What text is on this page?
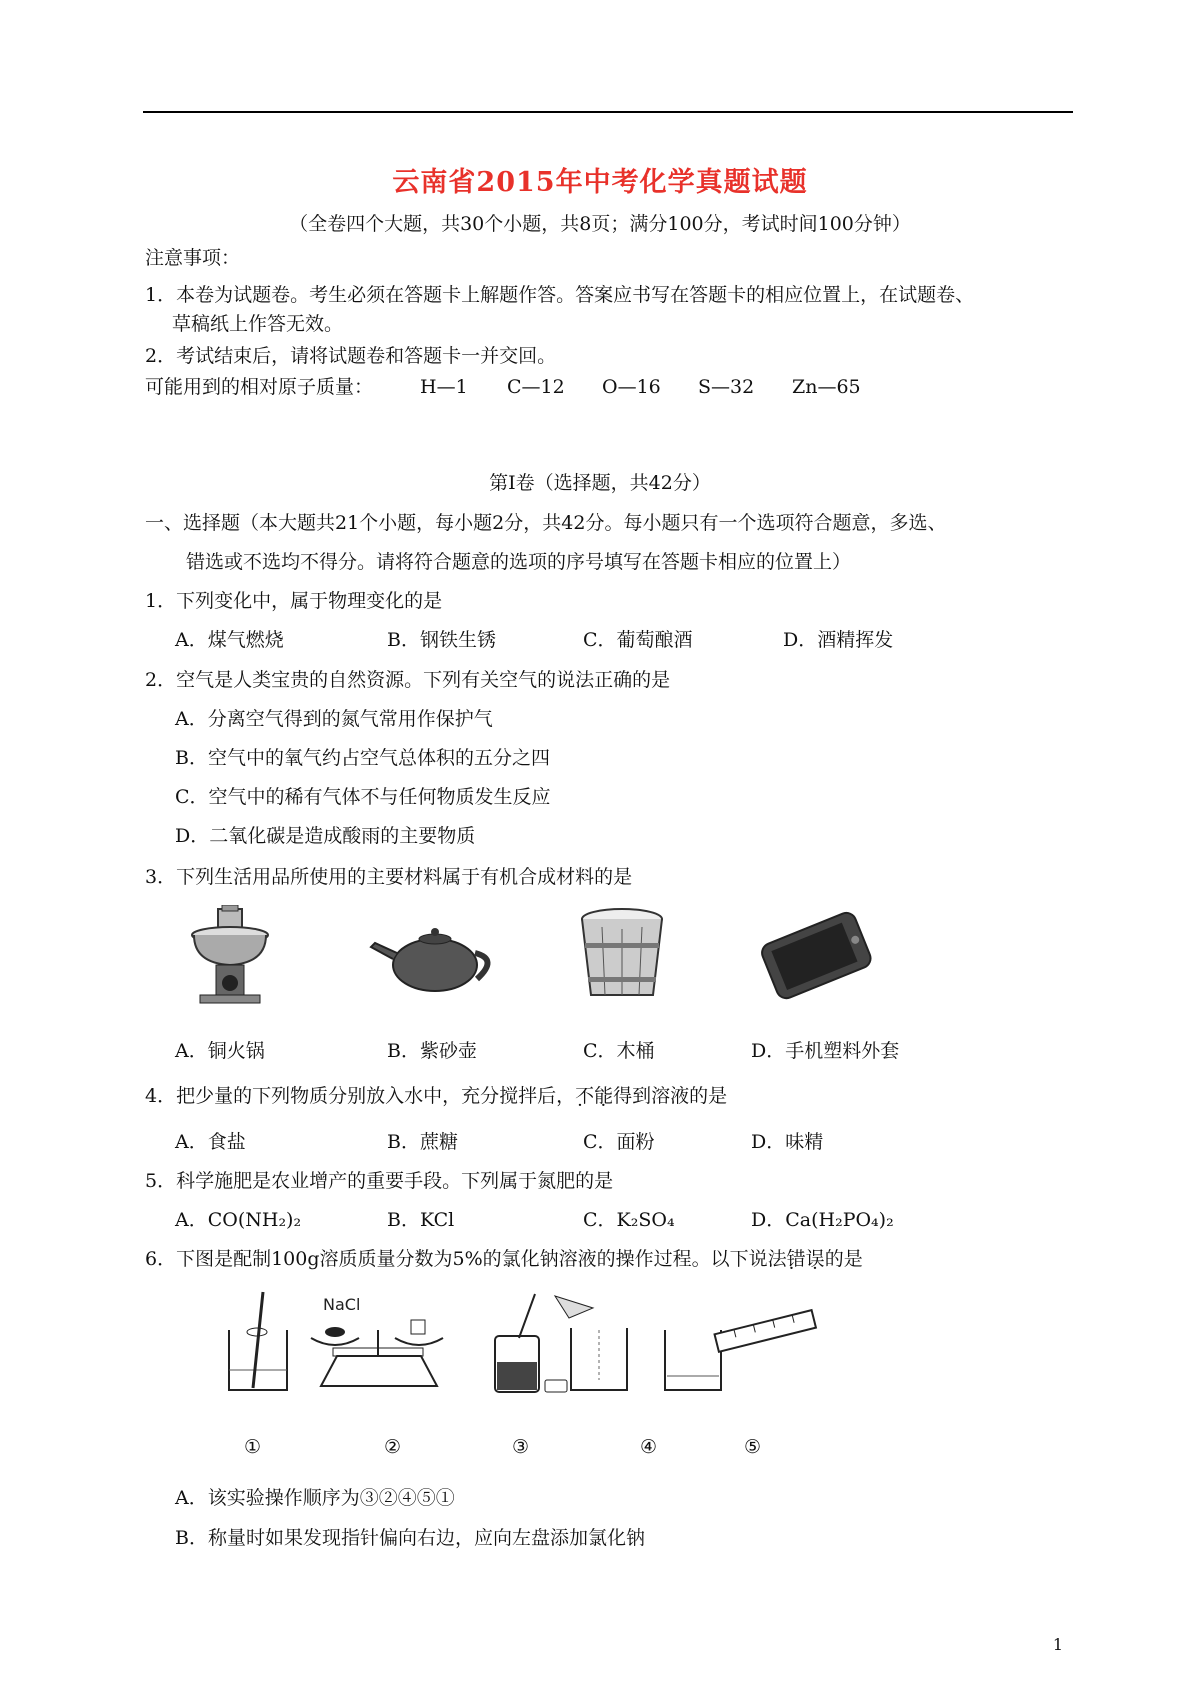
云南省2015年中考化学真题试题
（全卷四个大题，共30个小题，共8页；满分100分，考试时间100分钟）
注意事项：
1．本卷为试题卷。考生必须在答题卡上解题作答。答案应书写在答题卡的相应位置上，在试题卷、
草稿纸上作答无效。
2．考试结束后，请将试题卷和答题卡一并交回。
可能用到的相对原子质量： H—1 C—12 O—16 S—32 Zn—65
第Ⅰ卷（选择题，共42分）
一、选择题（本大题共21个小题，每小题2分，共42分。每小题只有一个选项符合题意，多选、
错选或不选均不得分。请将符合题意的选项的序号填写在答题卡相应的位置上）
1．下列变化中，属于物理变化的是
A．煤气燃烧	B．钢铁生锈	C．葡萄酿酒	D．酒精挥发
2．空气是人类宝贵的自然资源。下列有关空气的说法正确的是
A．分离空气得到的氮气常用作保护气
B．空气中的氧气约占空气总体积的五分之四
C．空气中的稀有气体不与任何物质发生反应
D．二氧化碳是造成酸雨的主要物质
3．下列生活用品所使用的主要材料属于有机合成材料的是
A．铜火锅	B．紫砂壶	C．木桶	D．手机塑料外套
4．把少量的下列物质分别放入水中，充分搅拌后，不能 · ·得到溶液的是
A．食盐	B．蔗糖	C．面粉	D．味精
5．科学施肥是农业增产的重要手段。下列属于氮肥的是
A．CO(NH₂)₂	B．KCl	C．K₂SO₄	D．Ca(H₂PO₄)₂
6．下图是配制100g溶质质量分数为5%的氯化钠溶液的操作过程。以下说法错误 · ·的是
NaCl
①	②	③	④	⑤
A．该实验操作顺序为③②④⑤①
B．称量时如果发现指针偏向右边，应向左盘添加氯化钠
1
